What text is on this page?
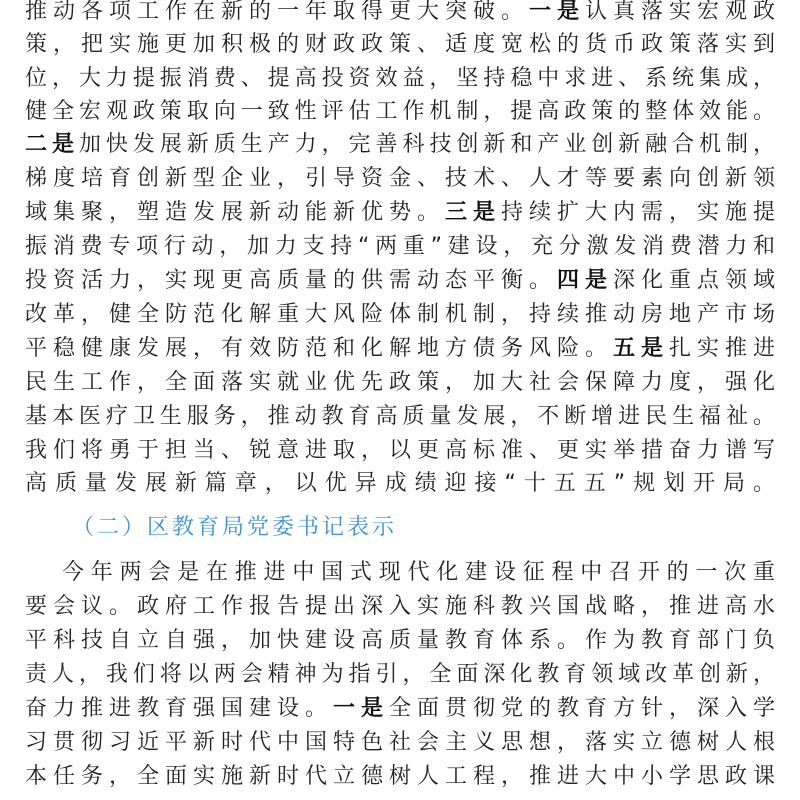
推动各项工作在新的一年取得更大突破。一是认真落实宏观政
策，把实施更加积极的财政政策、适度宽松的货币政策落实到
位，大力提振消费、提高投资效益，坚持稳中求进、系统集成，
健全宏观政策取向一致性评估工作机制，提高政策的整体效能。
二是加快发展新质生产力，完善科技创新和产业创新融合机制，
梯度培育创新型企业，引导资金、技术、人才等要素向创新领
域集聚，塑造发展新动能新优势。三是持续扩大内需，实施提
振消费专项行动，加力支持“两重”建设，充分激发消费潜力和
投资活力，实现更高质量的供需动态平衡。四是深化重点领域
改革，健全防范化解重大风险体制机制，持续推动房地产市场
平稳健康发展，有效防范和化解地方债务风险。五是扎实推进
民生工作，全面落实就业优先政策，加大社会保障力度，强化
基本医疗卫生服务，推动教育高质量发展，不断增进民生福祉。
我们将勇于担当、锐意进取，以更高标准、更实举措奋力谱写
高质量发展新篇章，以优异成绩迎接“十五五”规划开局。
（二）区教育局党委书记表示
今年两会是在推进中国式现代化建设征程中召开的一次重
要会议。政府工作报告提出深入实施科教兴国战略，推进高水
平科技自立自强，加快建设高质量教育体系。作为教育部门负
责人，我们将以两会精神为指引，全面深化教育领域改革创新，
奋力推进教育强国建设。一是全面贯彻党的教育方针，深入学
习贯彻习近平新时代中国特色社会主义思想，落实立德树人根
本任务，全面实施新时代立德树人工程，推进大中小学思政课
